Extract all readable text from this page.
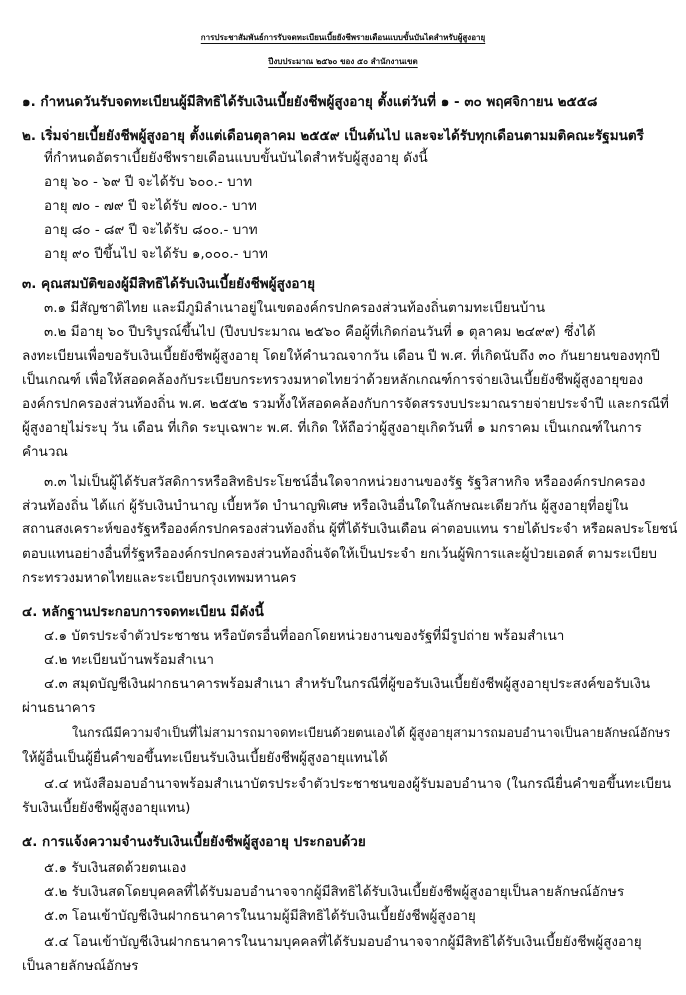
การประชาสัมพันธ์การรับจดทะเบียนเบี้ยยังชีพรายเดือนแบบขั้นบันไดสำหรับผู้สูงอายุ
ปีงบประมาณ ๒๕๖๐ ของ ๕๐ สำนักงานเขต
๑. กำหนดวันรับจดทะเบียนผู้มีสิทธิได้รับเงินเบี้ยยังชีพผู้สูงอายุ ตั้งแต่วันที่ ๑ - ๓๐ พฤศจิกายน ๒๕๕๘
๒. เริ่มจ่ายเบี้ยยังชีพผู้สูงอายุ ตั้งแต่เดือนตุลาคม ๒๕๕๙ เป็นต้นไป และจะได้รับทุกเดือนตามมติคณะรัฐมนตรี
ที่กำหนดอัตราเบี้ยยังชีพรายเดือนแบบขั้นบันไดสำหรับผู้สูงอายุ ดังนี้
อายุ ๖๐ - ๖๙ ปี จะได้รับ ๖๐๐.- บาท
อายุ ๗๐ - ๗๙ ปี จะได้รับ ๗๐๐.- บาท
อายุ ๘๐ - ๘๙ ปี จะได้รับ ๘๐๐.- บาท
อายุ ๙๐ ปีขึ้นไป จะได้รับ ๑,๐๐๐.- บาท
๓. คุณสมบัติของผู้มีสิทธิได้รับเงินเบี้ยยังชีพผู้สูงอายุ
๓.๑ มีสัญชาติไทย และมีภูมิลำเนาอยู่ในเขตองค์กรปกครองส่วนท้องถิ่นตามทะเบียนบ้าน
๓.๒ มีอายุ ๖๐ ปีบริบูรณ์ขึ้นไป (ปีงบประมาณ ๒๕๖๐ คือผู้ที่เกิดก่อนวันที่ ๑ ตุลาคม ๒๔๙๙) ซึ่งได้
ลงทะเบียนเพื่อขอรับเงินเบี้ยยังชีพผู้สูงอายุ โดยให้คำนวณจากวัน เดือน ปี พ.ศ. ที่เกิดนับถึง ๓๐ กันยายนของทุกปี
เป็นเกณฑ์ เพื่อให้สอดคล้องกับระเบียบกระทรวงมหาดไทยว่าด้วยหลักเกณฑ์การจ่ายเงินเบี้ยยังชีพผู้สูงอายุของ
องค์กรปกครองส่วนท้องถิ่น พ.ศ. ๒๕๕๒ รวมทั้งให้สอดคล้องกับการจัดสรรงบประมาณรายจ่ายประจำปี และกรณีที่
ผู้สูงอายุไม่ระบุ วัน เดือน ที่เกิด ระบุเฉพาะ พ.ศ. ที่เกิด ให้ถือว่าผู้สูงอายุเกิดวันที่ ๑ มกราคม เป็นเกณฑ์ในการ
คำนวณ
๓.๓ ไม่เป็นผู้ได้รับสวัสดิการหรือสิทธิประโยชน์อื่นใดจากหน่วยงานของรัฐ รัฐวิสาหกิจ หรือองค์กรปกครอง
ส่วนท้องถิ่น ได้แก่ ผู้รับเงินบำนาญ เบี้ยหวัด บำนาญพิเศษ หรือเงินอื่นใดในลักษณะเดียวกัน ผู้สูงอายุที่อยู่ใน
สถานสงเคราะห์ของรัฐหรือองค์กรปกครองส่วนท้องถิ่น ผู้ที่ได้รับเงินเดือน ค่าตอบแทน รายได้ประจำ หรือผลประโยชน์
ตอบแทนอย่างอื่นที่รัฐหรือองค์กรปกครองส่วนท้องถิ่นจัดให้เป็นประจำ ยกเว้นผู้พิการและผู้ป่วยเอดส์ ตามระเบียบ
กระทรวงมหาดไทยและระเบียบกรุงเทพมหานคร
๔. หลักฐานประกอบการจดทะเบียน มีดังนี้
๔.๑ บัตรประจำตัวประชาชน หรือบัตรอื่นที่ออกโดยหน่วยงานของรัฐที่มีรูปถ่าย พร้อมสำเนา
๔.๒ ทะเบียนบ้านพร้อมสำเนา
๔.๓ สมุดบัญชีเงินฝากธนาคารพร้อมสำเนา สำหรับในกรณีที่ผู้ขอรับเงินเบี้ยยังชีพผู้สูงอายุประสงค์ขอรับเงิน
ผ่านธนาคาร
ในกรณีมีความจำเป็นที่ไม่สามารถมาจดทะเบียนด้วยตนเองได้ ผู้สูงอายุสามารถมอบอำนาจเป็นลายลักษณ์อักษร
ให้ผู้อื่นเป็นผู้ยื่นคำขอขึ้นทะเบียนรับเงินเบี้ยยังชีพผู้สูงอายุแทนได้
๔.๔ หนังสือมอบอำนาจพร้อมสำเนาบัตรประจำตัวประชาชนของผู้รับมอบอำนาจ (ในกรณียื่นคำขอขึ้นทะเบียน
รับเงินเบี้ยยังชีพผู้สูงอายุแทน)
๕. การแจ้งความจำนงรับเงินเบี้ยยังชีพผู้สูงอายุ ประกอบด้วย
๕.๑ รับเงินสดด้วยตนเอง
๕.๒ รับเงินสดโดยบุคคลที่ได้รับมอบอำนาจจากผู้มีสิทธิได้รับเงินเบี้ยยังชีพผู้สูงอายุเป็นลายลักษณ์อักษร
๕.๓ โอนเข้าบัญชีเงินฝากธนาคารในนามผู้มีสิทธิได้รับเงินเบี้ยยังชีพผู้สูงอายุ
๕.๔ โอนเข้าบัญชีเงินฝากธนาคารในนามบุคคลที่ได้รับมอบอำนาจจากผู้มีสิทธิได้รับเงินเบี้ยยังชีพผู้สูงอายุ
เป็นลายลักษณ์อักษร
